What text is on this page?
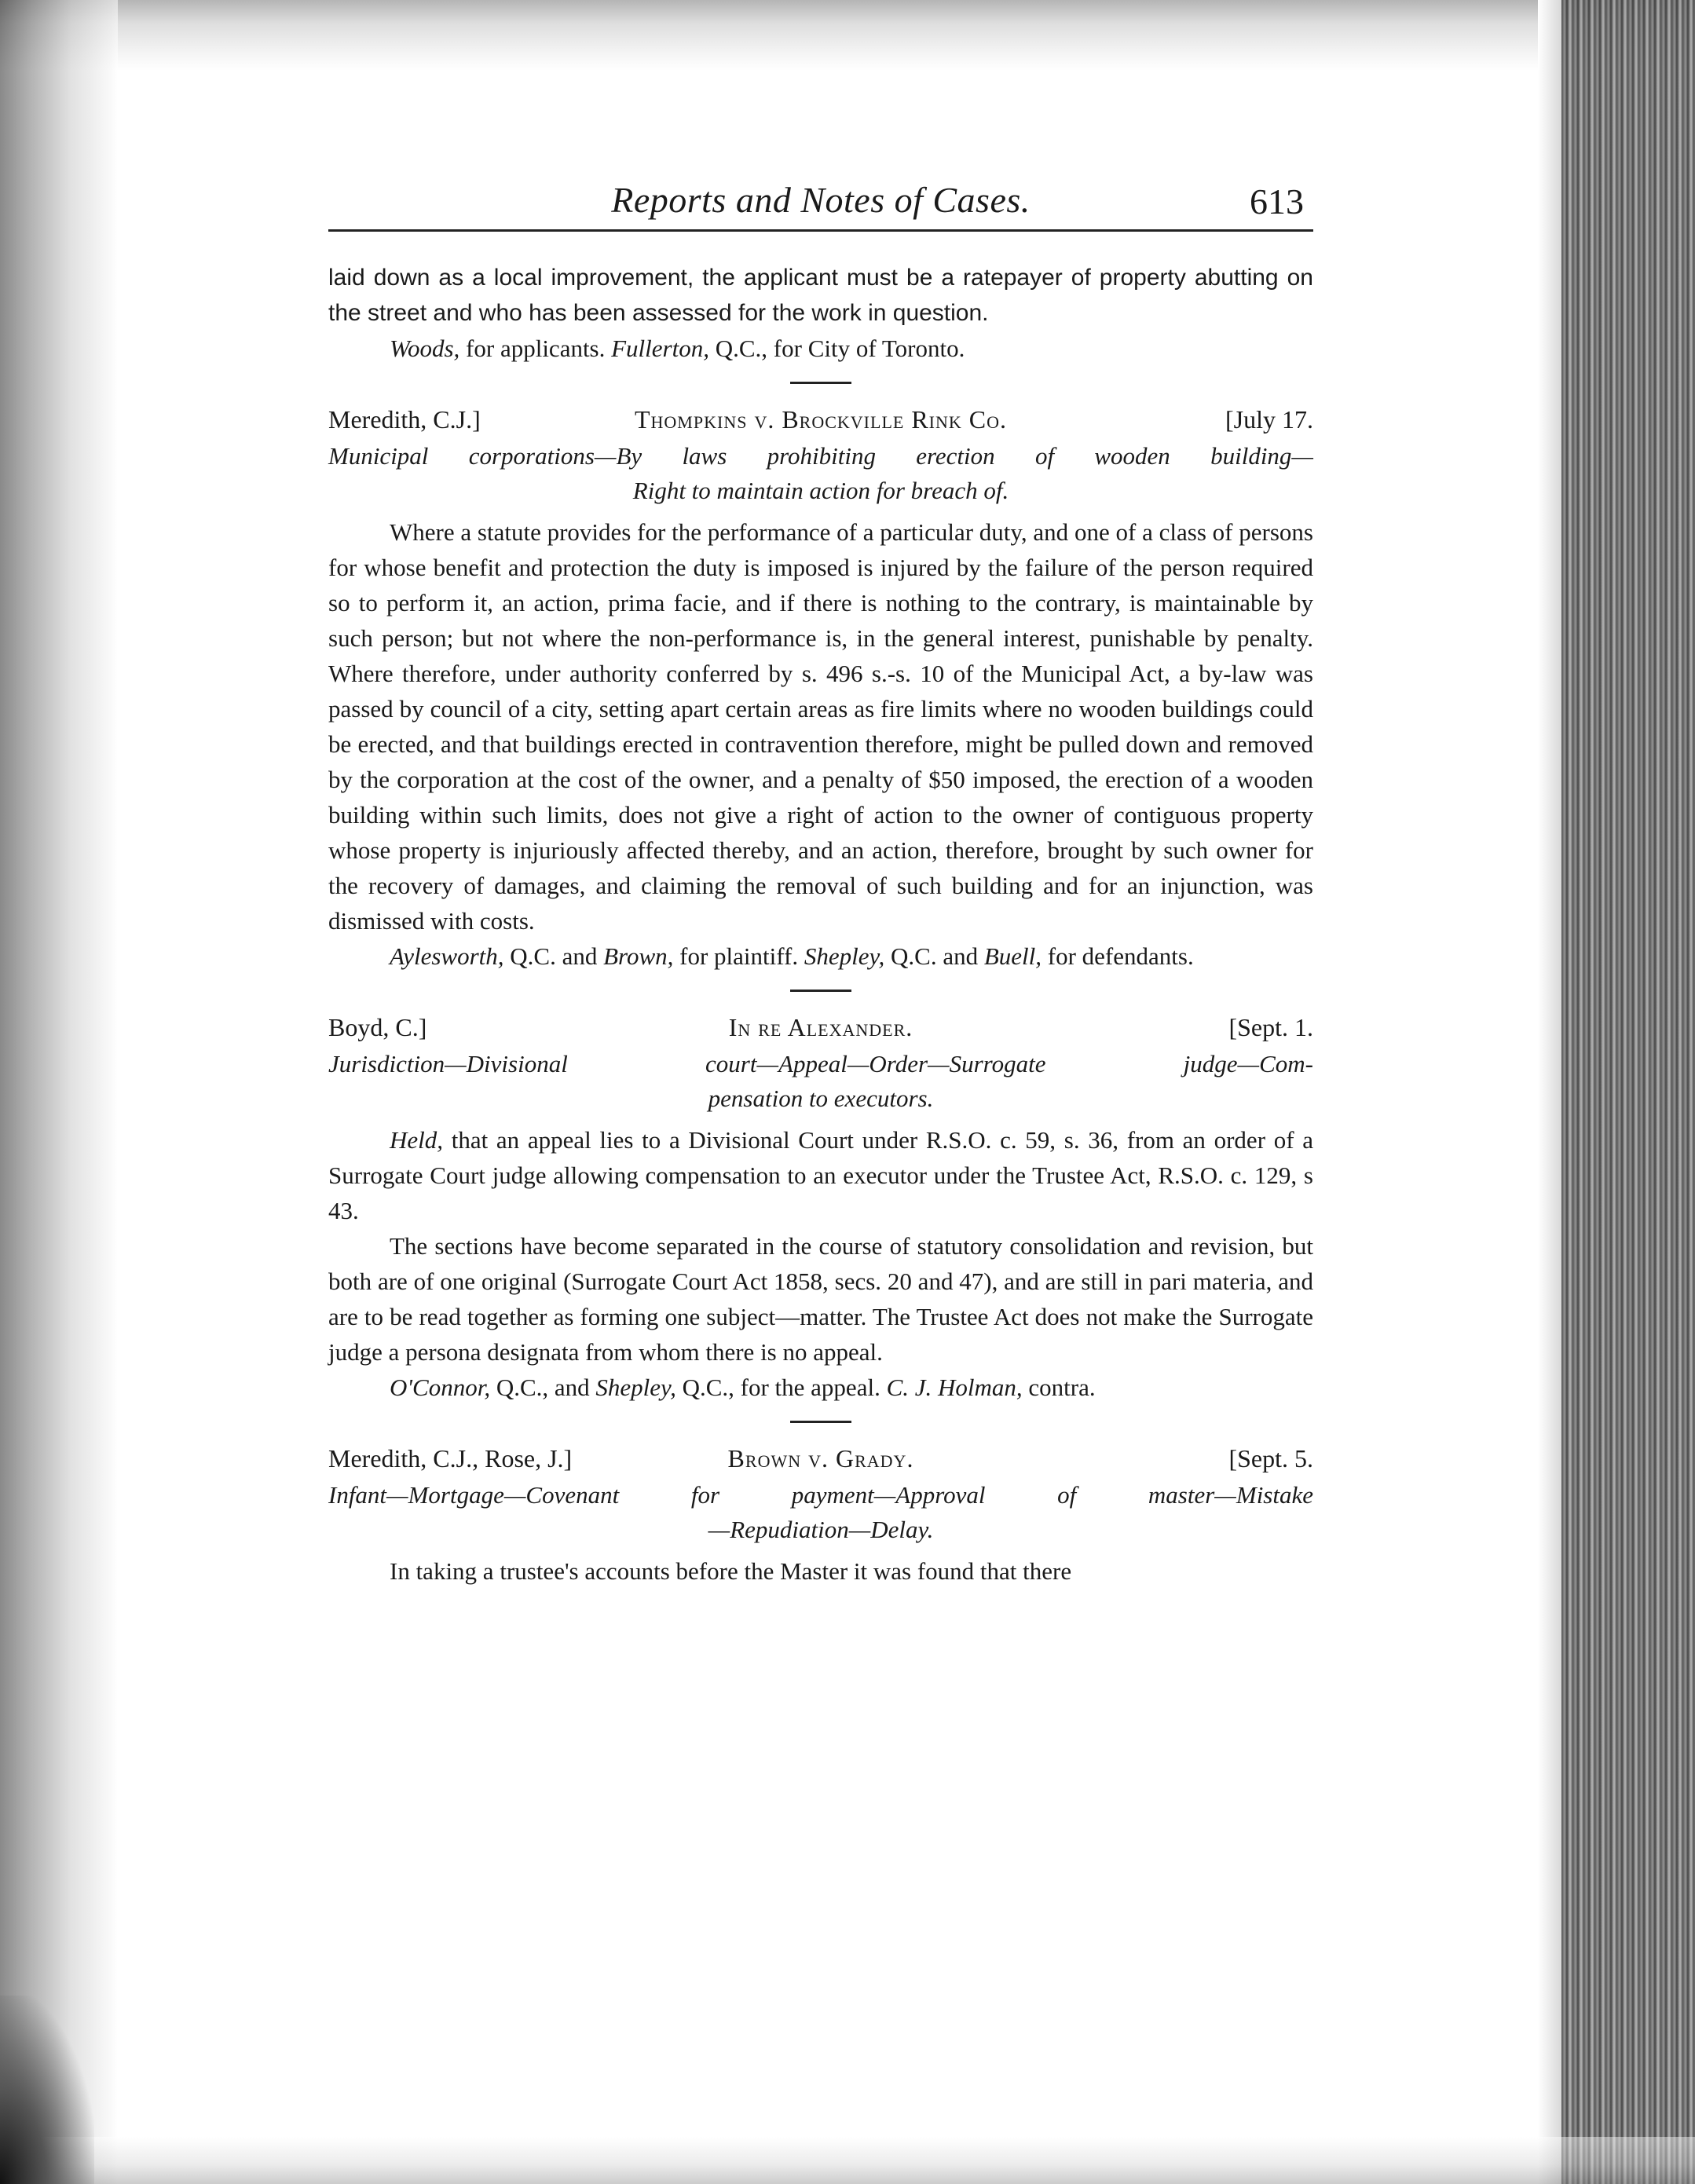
Reports and Notes of Cases.	613

laid down as a local improvement, the applicant must be a ratepayer of property abutting on the street and who has been assessed for the work in question.

Woods, for applicants. Fullerton, Q.C., for City of Toronto.

Meredith, C.J.]	Thompkins v. Brockville Rink Co.	[July 17.
Municipal corporations—By laws prohibiting erection of wooden building—
Right to maintain action for breach of.

Where a statute provides for the performance of a particular duty, and one of a class of persons for whose benefit and protection the duty is imposed is injured by the failure of the person required so to perform it, an action, prima facie, and if there is nothing to the contrary, is maintainable by such person; but not where the non-performance is, in the general interest, punishable by penalty. Where therefore, under authority conferred by s. 496 s.-s. 10 of the Municipal Act, a by-law was passed by council of a city, setting apart certain areas as fire limits where no wooden buildings could be erected, and that buildings erected in contravention therefore, might be pulled down and removed by the corporation at the cost of the owner, and a penalty of $50 imposed, the erection of a wooden building within such limits, does not give a right of action to the owner of contiguous property whose property is injuriously affected thereby, and an action, therefore, brought by such owner for the recovery of damages, and claiming the removal of such building and for an injunction, was dismissed with costs.

Aylesworth, Q.C. and Brown, for plaintiff. Shepley, Q.C. and Buell, for defendants.

Boyd, C.]	In re Alexander.	[Sept. 1.
Jurisdiction—Divisional court—Appeal—Order—Surrogate judge—Com-
pensation to executors.

Held, that an appeal lies to a Divisional Court under R.S.O. c. 59, s. 36, from an order of a Surrogate Court judge allowing compensation to an executor under the Trustee Act, R.S.O. c. 129, s 43.

The sections have become separated in the course of statutory consolidation and revision, but both are of one original (Surrogate Court Act 1858, secs. 20 and 47), and are still in pari materia, and are to be read together as forming one subject—matter. The Trustee Act does not make the Surrogate judge a persona designata from whom there is no appeal.

O'Connor, Q.C., and Shepley, Q.C., for the appeal. C. J. Holman, contra.

Meredith, C.J., Rose, J.]	Brown v. Grady.	[Sept. 5.
Infant—Mortgage—Covenant for payment—Approval of master—Mistake
—Repudiation—Delay.

In taking a trustee's accounts before the Master it was found that there
